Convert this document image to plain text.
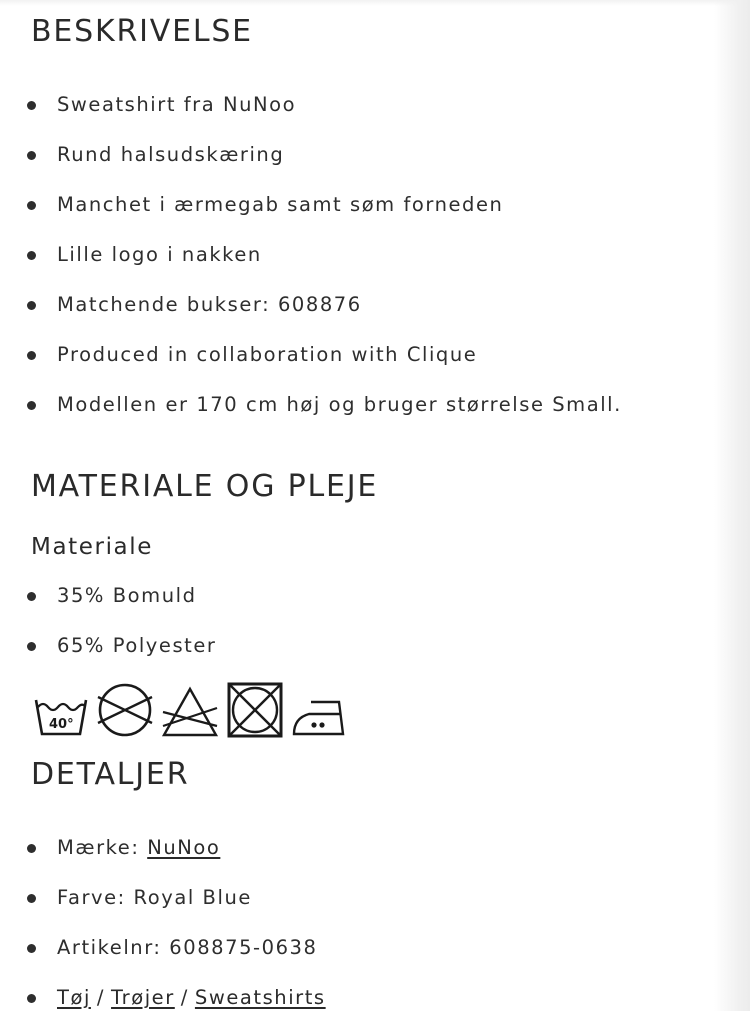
BESKRIVELSE
Sweatshirt fra NuNoo
Rund halsudskæring
Manchet i ærmegab samt søm forneden
Lille logo i nakken
Matchende bukser: 608876
Produced in collaboration with Clique
Modellen er 170 cm høj og bruger størrelse Small.
MATERIALE OG PLEJE
Materiale
35% Bomuld
65% Polyester
40°
DETALJER
Mærke: NuNoo
Farve: Royal Blue
Artikelnr: 608875-0638
Tøj / Trøjer / Sweatshirts
